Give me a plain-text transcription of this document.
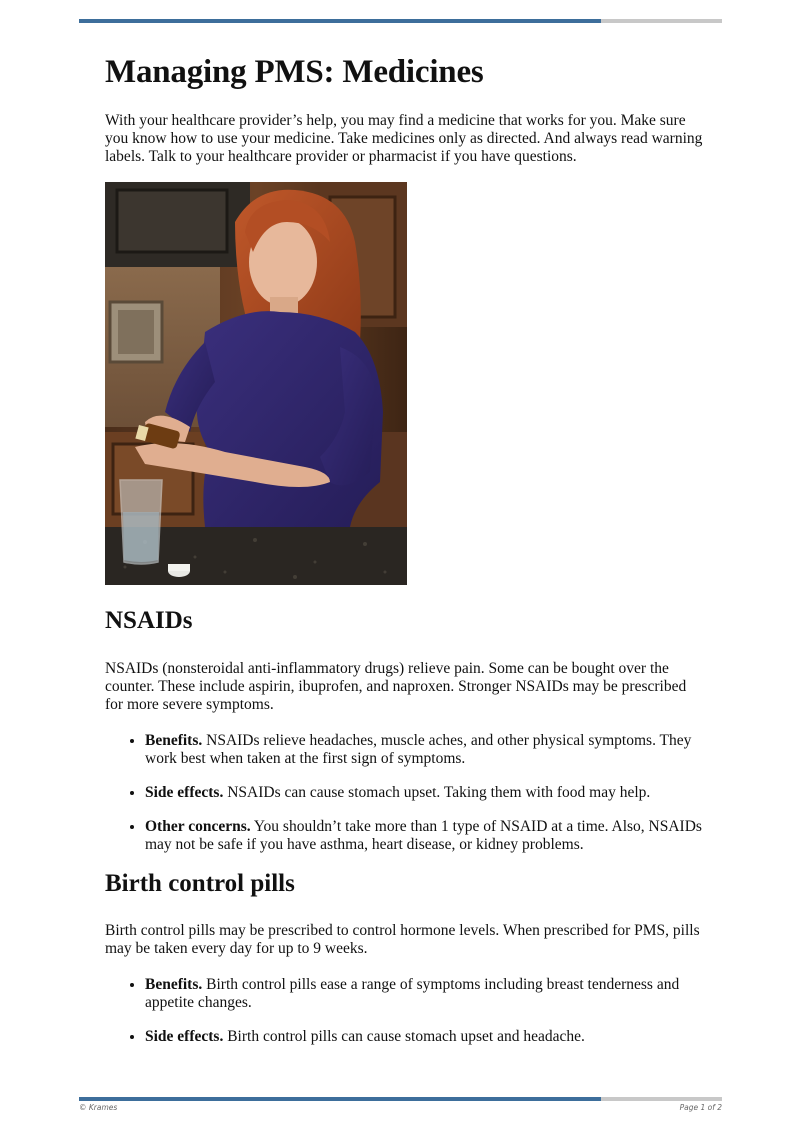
Managing PMS: Medicines

With your healthcare provider’s help, you may find a medicine that works for you. Make sure you know how to use your medicine. Take medicines only as directed. And always read warning labels. Talk to your healthcare provider or pharmacist if you have questions.

NSAIDs

NSAIDs (nonsteroidal anti-inflammatory drugs) relieve pain. Some can be bought over the counter. These include aspirin, ibuprofen, and naproxen. Stronger NSAIDs may be prescribed for more severe symptoms.

• Benefits. NSAIDs relieve headaches, muscle aches, and other physical symptoms. They work best when taken at the first sign of symptoms.
• Side effects. NSAIDs can cause stomach upset. Taking them with food may help.
• Other concerns. You shouldn’t take more than 1 type of NSAID at a time. Also, NSAIDs may not be safe if you have asthma, heart disease, or kidney problems.
Birth control pills

Birth control pills may be prescribed to control hormone levels. When prescribed for PMS, pills may be taken every day for up to 9 weeks.

• Benefits. Birth control pills ease a range of symptoms including breast tenderness and appetite changes.
• Side effects. Birth control pills can cause stomach upset and headache.
© Krames	Page 1 of 2
